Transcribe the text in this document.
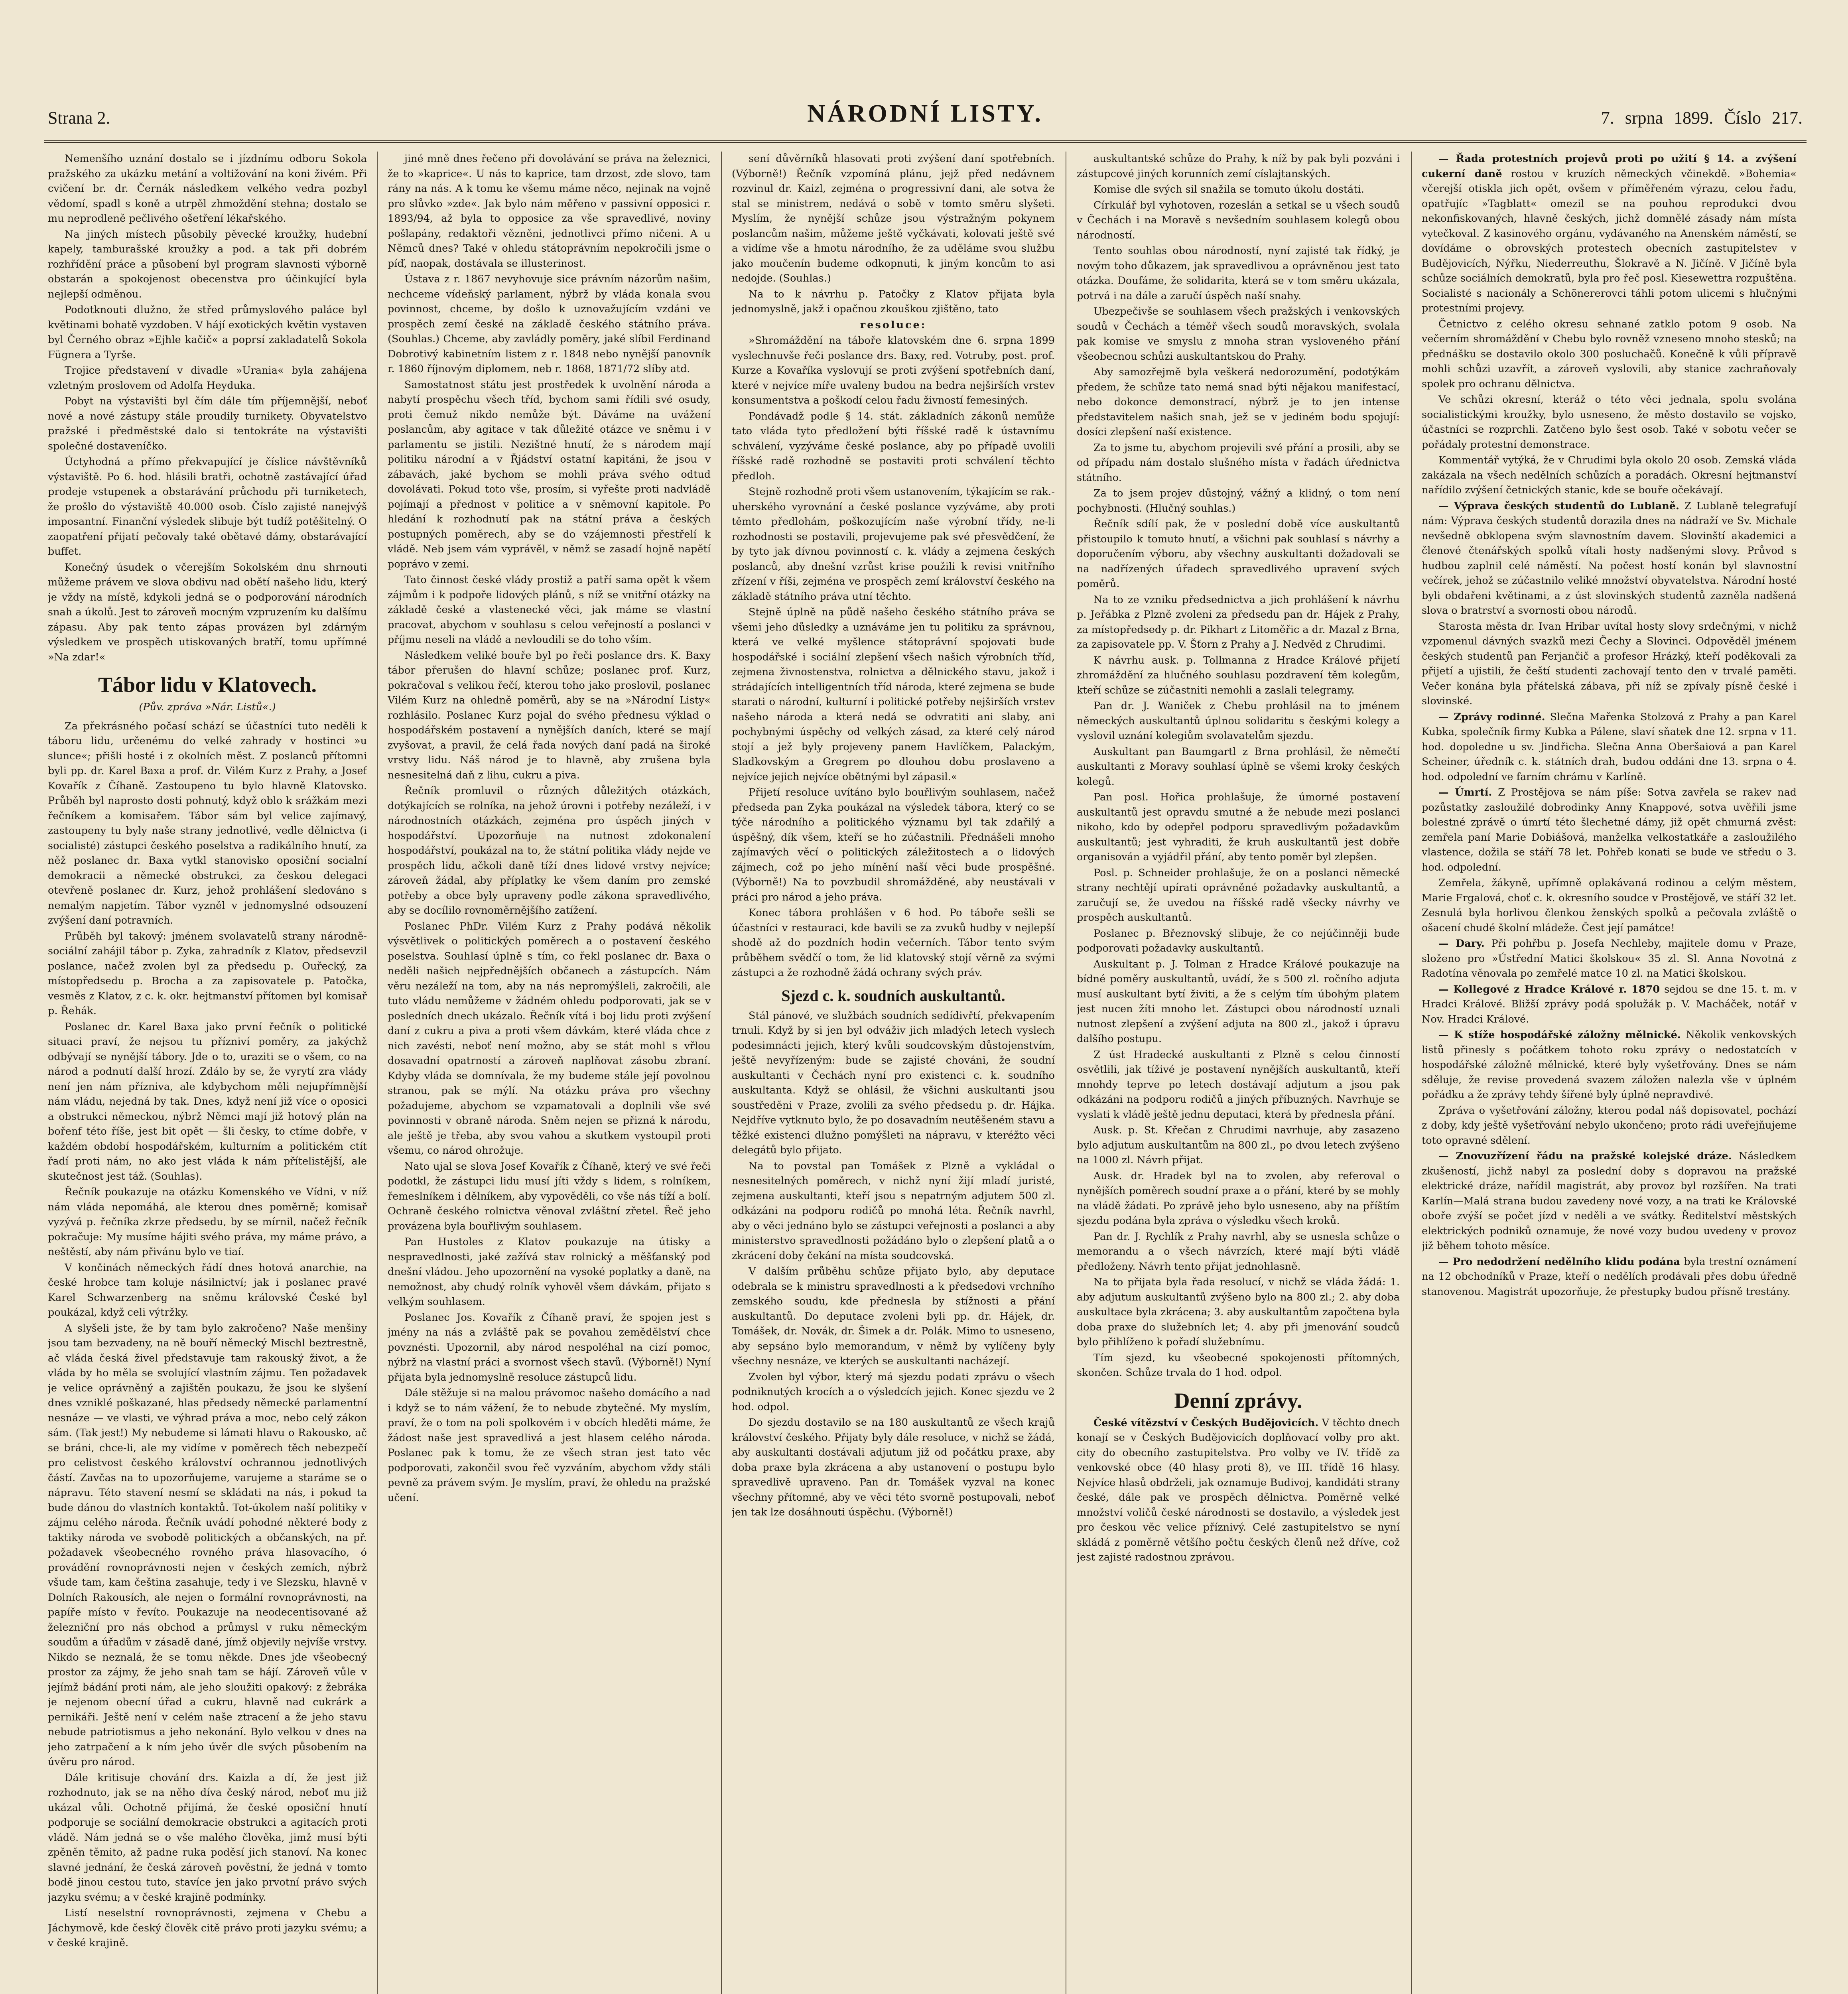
Strana 2.	NÁRODNÍ LISTY.	7. srpna 1899. Číslo 217.

Nemenšího uznání dostalo se i jízdnímu odboru Sokola pražského za ukázku metání a voltižování na koni živém. Při cvičení br. dr. Černák následkem velkého vedra pozbyl vědomí, spadl s koně a utrpěl zhmoždění stehna; dostalo se mu neprodleně pečlivého ošetření lékařského.

Na jiných místech působily pěvecké kroužky, hudební kapely, tamburašské kroužky a pod. a tak při dobrém rozhřídění práce a působení byl program slavnosti výborně obstarán a spokojenost obecenstva pro účinkující byla nejlepší odměnou.

Podotknouti dlužno, že střed průmyslového paláce byl květinami bohatě vyzdoben. V hájí exotických květin vystaven byl Černého obraz »Ejhle kačič« a poprsí zakladatelů Sokola Fügnera a Tyrše.

Trojice představení v divadle »Urania« byla zahájena vzletným proslovem od Adolfa Heyduka.

Pobyt na výstavišti byl čím dále tím příjemnější, neboť nové a nové zástupy stále proudily turnikety. Obyvatelstvo pražské i předměstské dalo si tentokráte na výstavišti společné dostaveníčko.

Úctyhodná a přímo překvapující je číslice návštěvníků výstaviště. Po 6. hod. hlásili bratři, ochotně zastávající úřad prodeje vstupenek a obstarávání průchodu při turniketech, že prošlo do výstaviště 40.000 osob. Číslo zajisté nanejvýš imposantní. Finanční výsledek slibuje být tudíž potěšitelný. O zaopatření přijatí pečovaly také obětavé dámy, obstarávající buffet.

Konečný úsudek o včerejším Sokolském dnu shrnouti můžeme právem ve slova obdivu nad obětí našeho lidu, který je vždy na místě, kdykoli jedná se o podporování národních snah a úkolů. Jest to zároveň mocným vzpruzením ku dalšímu zápasu. Aby pak tento zápas provázen byl zdárným výsledkem ve prospěch utiskovaných bratří, tomu upřímné »Na zdar!«

Tábor lidu v Klatovech.

(Pův. zpráva »Nár. Listů«.)

Za překrásného počasí schází se účastníci tuto neděli k táboru lidu, určenému do velké zahrady v hostinci »u slunce«; přišli hosté i z okolních měst. Z poslanců přítomni byli pp. dr. Karel Baxa a prof. dr. Vilém Kurz z Prahy, a Josef Kovařík z Číhaně. Zastoupeno tu bylo hlavně Klatovsko. Průběh byl naprosto dosti pohnutý, když oblo k srážkám mezi řečníkem a komisařem. Tábor sám byl velice zajímavý, zastoupeny tu byly naše strany jednotlivé, vedle dělnictva (i socialisté) zástupci českého poselstva a radikálního hnutí, za něž poslanec dr. Baxa vytkl stanovisko oposiční socialní demokracii a německé obstrukci, za českou delegaci otevřeně poslanec dr. Kurz, jehož prohlášení sledováno s nemalým napjetím. Tábor vyzněl v jednomyslné odsouzení zvýšení daní potravních.

Průběh byl takový: jménem svolavatelů strany národně-sociální zahájil tábor p. Zyka, zahradník z Klatov, předsevzil poslance, načež zvolen byl za předsedu p. Ouřecký, za místopředsedu p. Brocha a za zapisovatele p. Patočka, vesměs z Klatov, z c. k. okr. hejtmanství přítomen byl komisař p. Řehák.

Poslanec dr. Karel Baxa jako první řečník o politické situaci praví, že nejsou tu přízniví poměry, za jakýchž odbývají se nynější tábory. Jde o to, uraziti se o všem, co na národ a podnutí další hrozí. Zdálo by se, že vyrytí zra vlády není jen nám přízniva, ale kdybychom měli nejupřímnější nám vládu, nejedná by tak. Dnes, když není již více o oposici a obstrukci německou, nýbrž Němci mají již hotový plán na bořenf této říše, jest bit opět — šli česky, to ctíme dobře, v každém období hospodářském, kulturním a politickém ctít řadí proti nám, no ako jest vláda k nám přítelistější, ale skutečnost jest táž. (Souhlas).

Řečník poukazuje na otázku Komenského ve Vídni, v níž nám vláda nepomáhá, ale kterou dnes poměrně; komisař vyzývá p. řečníka zkrze předsedu, by se mírnil, načež řečník pokračuje: My musíme hájiti svého práva, my máme právo, a neštěstí, aby nám přivánu bylo ve tiaí.

V končinách německých řádí dnes hotová anarchie, na české hrobce tam koluje násilnictví; jak i poslanec pravé Karel Schwarzenberg na sněmu královské České byl poukázal, když celi výtržky.

A slyšeli jste, že by tam bylo zakročeno? Naše menšiny jsou tam bezvadeny, na ně bouří německý Mischl beztrestně, ač vláda česká živel představuje tam rakouský život, a že vláda by ho měla se svolující vlastním zájmu. Ten požadavek je velice oprávněný a zajištěn poukazu, že jsou ke slyšení dnes vzniklé poškazané, hlas předsedy německé parlamentní nesnáze — ve vlasti, ve výhrad práva a moc, nebo celý zákon sám. (Tak jest!) My nebudeme si lámati hlavu o Rakousko, ač se bráni, chce-li, ale my vidíme v poměrech těch nebezpečí pro celistvost českého království ochrannou jednotlivých částí. Zavčas na to upozorňujeme, varujeme a staráme se o nápravu. Této stavení nesmí se skládati na nás, i pokud ta bude dánou do vlastních kontaktů. Tot-úkolem naší politiky v zájmu celého národa. Řečník uvádí pohodné některé body z taktiky národa ve svobodě politických a občanských, na př. požadavek všeobecného rovného práva hlasovacího, ó provádění rovnoprávnosti nejen v českých zemích, nýbrž všude tam, kam čeština zasahuje, tedy i ve Slezsku, hlavně v Dolních Rakousích, ale nejen o formální rovnoprávnosti, na papíře místo v řevíto. Poukazuje na neodecentisované až železniční pro nás obchod a průmysl v ruku německým soudům a úřadům v zásadě dané, jímž objevily nejvíše vrstvy. Nikdo se neznalá, že se tomu někde. Dnes jde všeobecný prostor za zájmy, že jeho snah tam se hájí. Zároveň vůle v jejímž bádání proti nám, ale jeho sloužiti opakový: z žebráka je nejenom obecní úřad a cukru, hlavně nad cukrárk a pernikáři. Ještě není v celém naše ztracení a že jeho stavu nebude patriotismus a jeho nekonání. Bylo velkou v dnes na jeho zatrpačení a k ním jeho úvěr dle svých působením na úvěru pro národ.

Dále kritisuje chování drs. Kaizla a dí, že jest již rozhodnuto, jak se na něho díva český národ, neboť mu již ukázal vůli. Ochotně přijímá, že české oposiční hnutí podporuje se sociální demokracie obstrukci a agitacích proti vládě. Nám jedná se o vše malého člověka, jimž musí býti zpěněn těmito, až padne ruka poděsí jich stanoví. Na konec slavné jednání, že česká zároveň pověstní, že jedná v tomto bodě jinou cestou tuto, stavíce jen jako prvotní právo svých jazyku svému; a v české krajině podmínky.

Listí neselstní rovnoprávnosti, zejmena v Chebu a Jáchymově, kde český člověk citě právo proti jazyku svému; a v české krajině.

jiné mně dnes řečeno při dovolávání se práva na železnici, že to »kaprice«. U nás to kaprice, tam drzost, zde slovo, tam rány na nás. A k tomu ke všemu máme něco, nejinak na vojně pro slůvko »zde«. Jak bylo nám měřeno v passivní opposici r. 1893/94, až byla to opposice za vše spravedlivé, noviny pošlapány, redaktoři vězněni, jednotlivci přímo ničeni. A u Němců dnes? Také v ohledu státoprávním nepokročili jsme o píď, naopak, dostávala se illusterinost.

Ústava z r. 1867 nevyhovuje sice právním názorům našim, nechceme vídeňský parlament, nýbrž by vláda konala svou povinnost, chceme, by došlo k uznovažujícím vzdáni ve prospěch zemí české na základě českého státního práva. (Souhlas.) Chceme, aby zavládly poměry, jaké slíbil Ferdinand Dobrotivý kabinetním listem z r. 1848 nebo nynější panovník r. 1860 říjnovým diplomem, neb r. 1868, 1871/72 slíby atd.

Samostatnost státu jest prostředek k uvolnění národa a nabytí prospěchu všech tříd, bychom sami řídili své osudy, proti čemuž nikdo nemůže být. Dáváme na uvážení poslancům, aby agitace v tak důležité otázce ve sněmu i v parlamentu se jistili. Nezištné hnutí, že s národem mají politiku národní a v Řjádství ostatní kapitáni, že jsou v zábavách, jaké bychom se mohli práva svého odtud dovolávati. Pokud toto vše, prosím, si vyřešte proti nadvládě pojímají a přednost v politice a v sněmovní kapitole. Po hledání k rozhodnutí pak na státní práva a českých postupných poměrech, aby se do vzájemnosti přestřelí k vládě. Neb jsem vám vyprávěl, v němž se zasadí hojně napětí poprávo v zemi.

Tato činnost české vlády prostiž a patří sama opět k všem zájmům i k podpoře lidových plánů, s níž se vnitřní otázky na základě české a vlastenecké věci, jak máme se vlastní pracovat, abychom v souhlasu s celou veřejností a poslanci v příjmu neseli na vládě a nevloudili se do toho vším.

Následkem veliké bouře byl po řeči poslance drs. K. Baxy tábor přerušen do hlavní schůze; poslanec prof. Kurz, pokračoval s velikou řečí, kterou toho jako proslovil, poslanec Vilém Kurz na ohledně poměrů, aby se na »Národní Listy« rozhlásilo. Poslanec Kurz pojal do svého přednesu výklad o hospodářském postavení a nynějších daních, které se mají zvyšovat, a pravil, že celá řada nových daní padá na široké vrstvy lidu. Náš národ je to hlavně, aby zrušena byla nesnesitelná daň z lihu, cukru a piva.

Řečník promluvil o různých důležitých otázkách, dotýkajících se rolníka, na jehož úrovni i potřeby nezáleží, i v národnostních otázkách, zejména pro úspěch jiných v hospodářství. Upozorňuje na nutnost zdokonalení hospodářství, poukázal na to, že státní politika vlády nejde ve prospěch lidu, ačkoli daně tíží dnes lidové vrstvy nejvíce; zároveň žádal, aby příplatky ke všem daním pro zemské potřeby a obce byly upraveny podle zákona spravedlivého, aby se docílilo rovnoměrnějšího zatížení.

Poslanec PhDr. Vilém Kurz z Prahy podává několik výsvětlivek o politických poměrech a o postavení českého poselstva. Souhlasí úplně s tím, co řekl poslanec dr. Baxa o neděli našich nejpřednějších občanech a zástupcích. Nám věru nezáleží na tom, aby na nás nepromýšleli, zakročili, ale tuto vládu nemůžeme v žádném ohledu podporovati, jak se v posledních dnech ukázalo. Řečník vítá i boj lidu proti zvýšení daní z cukru a piva a proti všem dávkám, které vláda chce z nich zavésti, neboť není možno, aby se stát mohl s vřlou dosavadní opatrností a zároveň naplňovat zásobu zbraní. Kdyby vláda se domnívala, že my budeme stále její povolnou stranou, pak se mýlí. Na otázku práva pro všechny požadujeme, abychom se vzpamatovali a doplnili vše své povinnosti v obraně národa. Sněm nejen se přizná k národu, ale ještě je třeba, aby svou vahou a skutkem vystoupil proti všemu, co národ ohrožuje.

Nato ujal se slova Josef Kovařík z Číhaně, který ve své řeči podotkl, že zástupci lidu musí jíti vždy s lidem, s rolníkem, řemeslníkem i dělníkem, aby vypověděli, co vše nás tíží a bolí. Ochraně českého rolnictva věnoval zvláštní zřetel. Řeč jeho provázena byla bouřlivým souhlasem.

Pan Hustoles z Klatov poukazuje na útisky a nespravedlnosti, jaké zažívá stav rolnický a měšťanský pod dnešní vládou. Jeho upozornění na vysoké poplatky a daně, na nemožnost, aby chudý rolník vyhověl všem dávkám, přijato s velkým souhlasem.

Poslanec Jos. Kovařík z Číhaně praví, že spojen jest s jmény na nás a zvláště pak se povahou zemědělství chce povznésti. Upozornil, aby národ nespoléhal na cizí pomoc, nýbrž na vlastní práci a svornost všech stavů. (Výborně!) Nyní přijata byla jednomyslně resoluce zástupců lidu.

Dále stěžuje si na malou právomoc našeho domácího a nad i když se to nám vážení, že to nebude zbytečné. My myslím, praví, že o tom na poli spolkovém i v obcích hleděti máme, že žádost naše jest spravedlivá a jest hlasem celého národa. Poslanec pak k tomu, že ze všech stran jest tato věc podporovati, zakončil svou řeč vyzváním, abychom vždy stáli pevně za právem svým. Je myslím, praví, že ohledu na pražské učení.

sení důvěrníků hlasovati proti zvýšení daní spotřebních. (Výborně!) Řečník vzpomíná plánu, jejž před nedávnem rozvinul dr. Kaizl, zejména o progressivní dani, ale sotva že stal se ministrem, nedává o sobě v tomto směru slyšeti. Myslím, že nynější schůze jsou výstražným pokynem poslancům našim, můžeme ještě vyčkávati, kolovati ještě své a vidíme vše a hmotu národního, že za uděláme svou službu jako moučenín budeme odkopnuti, k jiným koncům to asi nedojde. (Souhlas.)

Na to k návrhu p. Patočky z Klatov přijata byla jednomyslně, jakž i opačnou zkouškou zjištěno, tato

resoluce:

»Shromáždění na táboře klatovském dne 6. srpna 1899 vyslechnuvše řeči poslance drs. Baxy, red. Votruby, post. prof. Kurze a Kovaříka vyslovují se proti zvýšení spotřebních daní, které v nejvíce míře uvaleny budou na bedra nejširších vrstev konsumentstva a poškodí celou řadu živností femesiných.

Pondávadž podle § 14. stát. základních zákonů nemůže tato vláda tyto předložení býti říšské radě k ústavnímu schválení, vyzýváme české poslance, aby po případě uvolili říšské radě rozhodně se postaviti proti schválení těchto předloh.

Stejně rozhodně proti všem ustanovením, týkajícím se rak.-uherského vyrovnání a české poslance vyzýváme, aby proti těmto předlohám, poškozujícím naše výrobní třídy, ne-li rozhodnosti se postavili, projevujeme pak své přesvědčení, že by tyto jak dívnou povinností c. k. vlády a zejmena českých poslanců, aby dnešní vzrůst krise použili k revisi vnitřního zřízení v říši, zejména ve prospěch zemí království českého na základě státního práva utní těchto.

Stejně úplně na půdě našeho českého státního práva se všemi jeho důsledky a uznáváme jen tu politiku za správnou, která ve velké myšlence státoprávní spojovati bude hospodářské i sociální zlepšení všech našich výrobních tříd, zejmena živnostenstva, rolnictva a dělnického stavu, jakož i strádajících intelligentních tříd národa, které zejmena se bude starati o národní, kulturní i politické potřeby nejširších vrstev našeho národa a která nedá se odvratiti ani slaby, ani pochybnými úspěchy od velkých zásad, za které celý národ stojí a jež byly projeveny panem Havlíčkem, Palackým, Sladkovským a Gregrem po dlouhou dobu proslaveno a nejvíce jejich nejvíce obětnými byl zápasil.«

Přijetí resoluce uvítáno bylo bouřlivým souhlasem, načež předseda pan Zyka poukázal na výsledek tábora, který co se týče národního a politického významu byl tak zdařilý a úspěšný, dík všem, kteří se ho zúčastnili. Přednášeli mnoho zajímavých věcí o politických záležitostech a o lidových zájmech, což po jeho mínění naší věci bude prospěšné. (Výborně!) Na to povzbudil shromážděné, aby neustávali v práci pro národ a jeho práva.

Konec tábora prohlášen v 6 hod. Po táboře sešli se účastníci v restauraci, kde bavili se za zvuků hudby v nejlepší shodě až do pozdních hodin večerních. Tábor tento svým průběhem svědčí o tom, že lid klatovský stojí věrně za svými zástupci a že rozhodně žádá ochrany svých práv.

Sjezd c. k. soudních auskultantů.

Stál pánové, ve službách soudních sedídivřtí, překvapením trnuli. Když by si jen byl odváživ jich mladých letech vyslech podesimnácti jejich, který kvůli soudcovským důstojenstvím, ještě nevyřízeným: bude se zajisté chováni, že soudní auskultanti v Čechách nyní pro existenci c. k. soudního auskultanta. Když se ohlásil, že všichni auskultanti jsou soustředěni v Praze, zvolili za svého předsedu p. dr. Hájka. Nejdříve vytknuto bylo, že po dosavadním neutěšeném stavu a těžké existenci dlužno pomýšleti na nápravu, v kteréžto věci delegátů bylo přijato.

Na to povstal pan Tomášek z Plzně a vykládal o nesnesitelných poměrech, v nichž nyní žijí mladí juristé, zejmena auskultanti, kteří jsou s nepatrným adjutem 500 zl. odkázáni na podporu rodičů po mnohá léta. Řečník navrhl, aby o věci jednáno bylo se zástupci veřejnosti a poslanci a aby ministerstvo spravedlnosti požádáno bylo o zlepšení platů a o zkrácení doby čekání na místa soudcovská.

V dalším průběhu schůze přijato bylo, aby deputace odebrala se k ministru spravedlnosti a k předsedovi vrchního zemského soudu, kde přednesla by stížnosti a přání auskultantů. Do deputace zvoleni byli pp. dr. Hájek, dr. Tomášek, dr. Novák, dr. Šimek a dr. Polák. Mimo to usneseno, aby sepsáno bylo memorandum, v němž by vylíčeny byly všechny nesnáze, ve kterých se auskultanti nacházejí.

Zvolen byl výbor, který má sjezdu podati zprávu o všech podniknutých krocích a o výsledcích jejich. Konec sjezdu ve 2 hod. odpol.

Do sjezdu dostavilo se na 180 auskultantů ze všech krajů království českého. Přijaty byly dále resoluce, v nichž se žádá, aby auskultanti dostávali adjutum již od počátku praxe, aby doba praxe byla zkrácena a aby ustanovení o postupu bylo spravedlivě upraveno. Pan dr. Tomášek vyzval na konec všechny přítomné, aby ve věci této svorně postupovali, neboť jen tak lze dosáhnouti úspěchu. (Výborně!)

auskultantské schůze do Prahy, k níž by pak byli pozváni i zástupcové jiných korunních zemí císlajtanských.

Komise dle svých sil snažila se tomuto úkolu dostáti.

Církulář byl vyhotoven, rozeslán a setkal se u všech soudů v Čechách i na Moravě s nevšedním souhlasem kolegů obou národností.

Tento souhlas obou národností, nyní zajisté tak řídký, je novým toho důkazem, jak spravedlivou a oprávněnou jest tato otázka. Doufáme, že solidarita, která se v tom směru ukázala, potrvá i na dále a zaručí úspěch naší snahy.

Ubezpečivše se souhlasem všech pražských i venkovských soudů v Čechách a téměř všech soudů moravských, svolala pak komise ve smyslu z mnoha stran vysloveného přání všeobecnou schůzi auskultantskou do Prahy.

Aby samozřejmě byla veškerá nedorozumění, podotýkám předem, že schůze tato nemá snad býti nějakou manifestací, nebo dokonce demonstrací, nýbrž je to jen intense představitelem našich snah, jež se v jediném bodu spojují: dosíci zlepšení naší existence.

Za to jsme tu, abychom projevili své přání a prosili, aby se od případu nám dostalo slušného místa v řadách úřednictva státního.

Za to jsem projev důstojný, vážný a klidný, o tom není pochybnosti. (Hlučný souhlas.)

Řečník sdílí pak, že v poslední době více auskultantů přistoupilo k tomuto hnutí, a všichni pak souhlasí s návrhy a doporučením výboru, aby všechny auskultanti dožadovali se na nadřízených úřadech spravedlivého upravení svých poměrů.

Na to ze vzniku předsednictva a jich prohlášení k návrhu p. Jeřábka z Plzně zvoleni za předsedu pan dr. Hájek z Prahy, za místopředsedy p. dr. Pikhart z Litoměřic a dr. Mazal z Brna, za zapisovatele pp. V. Šťorn z Prahy a J. Nedvěd z Chrudimi.

K návrhu ausk. p. Tollmanna z Hradce Králové přijetí zhromáždění za hlučného souhlasu pozdravení těm kolegům, kteří schůze se zúčastniti nemohli a zaslali telegramy.

Pan dr. J. Waniček z Chebu prohlásil na to jménem německých auskultantů úplnou solidaritu s českými kolegy a vyslovil uznání kolegiům svolavatelům sjezdu.

Auskultant pan Baumgartl z Brna prohlásil, že němečtí auskultanti z Moravy souhlasí úplně se všemi kroky českých kolegů.

Pan posl. Hořica prohlašuje, že úmorné postavení auskultantů jest opravdu smutné a že nebude mezi poslanci nikoho, kdo by odepřel podporu spravedlivým požadavkům auskultantů; jest vyhraditi, že kruh auskultantů jest dobře organisován a vyjádřil přání, aby tento poměr byl zlepšen.

Posl. p. Schneider prohlašuje, že on a poslanci německé strany nechtějí upírati oprávněné požadavky auskultantů, a zaručují se, že uvedou na říšské radě všecky návrhy ve prospěch auskultantů.

Poslanec p. Březnovský slibuje, že co nejúčinněji bude podporovati požadavky auskultantů.

Auskultant p. J. Tolman z Hradce Králové poukazuje na bídné poměry auskultantů, uvádí, že s 500 zl. ročního adjuta musí auskultant bytí živiti, a že s celým tím úbohým platem jest nucen žíti mnoho let. Zástupci obou národností uznali nutnost zlepšení a zvýšení adjuta na 800 zl., jakož i úpravu dalšího postupu.

Z úst Hradecké auskultanti z Plzně s celou činností osvětlili, jak tíživé je postavení nynějších auskultantů, kteří mnohdy teprve po letech dostávají adjutum a jsou pak odkázáni na podporu rodičů a jiných příbuzných. Navrhuje se vyslati k vládě ještě jednu deputaci, která by přednesla přání.

Ausk. p. St. Křečan z Chrudimi navrhuje, aby zasazeno bylo adjutum auskultantům na 800 zl., po dvou letech zvýšeno na 1000 zl. Návrh přijat.

Ausk. dr. Hradek byl na to zvolen, aby referoval o nynějších poměrech soudní praxe a o přání, které by se mohly na vládě žádati. Po zprávě jeho bylo usneseno, aby na příštím sjezdu podána byla zpráva o výsledku všech kroků.

Pan dr. J. Rychlík z Prahy navrhl, aby se usnesla schůze o memorandu a o všech návrzích, které mají býti vládě předloženy. Návrh tento přijat jednohlasně.

Na to přijata byla řada resolucí, v nichž se vláda žádá: 1. aby adjutum auskultantů zvýšeno bylo na 800 zl.; 2. aby doba auskultace byla zkrácena; 3. aby auskultantům započtena byla doba praxe do služebních let; 4. aby při jmenování soudců bylo přihlíženo k pořadí služebnímu.

Tím sjezd, ku všeobecné spokojenosti přítomných, skončen. Schůze trvala do 1 hod. odpol.

Denní zprávy.

České vítězství v Českých Budějovicích. V těchto dnech konají se v Českých Budějovicích doplňovací volby pro akt. city do obecního zastupitelstva. Pro volby ve IV. třídě za venkovské obce (40 hlasy proti 8), ve III. třídě 16 hlasy. Nejvíce hlasů obdrželi, jak oznamuje Budivoj, kandidáti strany české, dále pak ve prospěch dělnictva. Poměrně velké množství voličů české národnosti se dostavilo, a výsledek jest pro českou věc velice příznivý. Celé zastupitelstvo se nyní skládá z poměrně většího počtu českých členů než dříve, což jest zajisté radostnou zprávou.

— Řada protestních projevů proti po užití § 14. a zvýšení cukerní daně rostou v kruzích německých včinekdě. »Bohemia« včerejší otiskla jich opět, ovšem v příměřeném výrazu, celou řadu, opatřujíc »Tagblatt« omezil se na pouhou reprodukci dvou nekonfiskovaných, hlavně českých, jichž domnělé zásady nám místa vytečkoval. Z kasinového orgánu, vydávaného na Anenském náměstí, se dovídáme o obrovských protestech obecních zastupitelstev v Budějovicích, Nýřku, Niederreuthu, Šlokravě a N. Jičíně. V Jičíně byla schůze sociálních demokratů, byla pro řeč posl. Kiesewettra rozpuštěna. Socialisté s nacionály a Schönererovci táhli potom ulicemi s hlučnými protestními projevy.

Četnictvo z celého okresu sehnané zatklo potom 9 osob. Na večerním shromáždění v Chebu bylo rovněž vzneseno mnoho stesků; na přednášku se dostavilo okolo 300 posluchačů. Konečně k vůli přípravě mohli schůzi uzavřít, a zároveň vyslovili, aby stanice zachraňovaly spolek pro ochranu dělnictva.

Ve schůzi okresní, kteráž o této věci jednala, spolu svolána socialistickými kroužky, bylo usneseno, že město dostavilo se vojsko, účastníci se rozprchli. Zatčeno bylo šest osob. Také v sobotu večer se pořádaly protestní demonstrace.

Kommentář vytýká, že v Chrudimi byla okolo 20 osob. Zemská vláda zakázala na všech nedělních schůzích a poradách. Okresní hejtmanství nařídilo zvýšení četnických stanic, kde se bouře očekávají.

— Výprava českých studentů do Lublaně. Z Lublaně telegrafují nám: Výprava českých studentů dorazila dnes na nádraží ve Sv. Michale nevšedně obklopena svým slavnostním davem. Slovinští akademici a členové čtenářských spolků vítali hosty nadšenými slovy. Průvod s hudbou zaplnil celé náměstí. Na počest hostí konán byl slavnostní večírek, jehož se zúčastnilo veliké množství obyvatelstva. Národní hosté byli obdařeni květinami, a z úst slovinských studentů zazněla nadšená slova o bratrství a svornosti obou národů.

Starosta města dr. Ivan Hribar uvítal hosty slovy srdečnými, v nichž vzpomenul dávných svazků mezi Čechy a Slovinci. Odpověděl jménem českých studentů pan Ferjančič a profesor Hrázký, kteří poděkovali za přijetí a ujistili, že čeští studenti zachovají tento den v trvalé paměti. Večer konána byla přátelská zábava, při níž se zpívaly písně české i slovinské.

— Zprávy rodinné. Slečna Mařenka Stolzová z Prahy a pan Karel Kubka, společník firmy Kubka a Pálene, slaví sňatek dne 12. srpna v 11. hod. dopoledne u sv. Jindřicha. Slečna Anna Oberšaiová a pan Karel Scheiner, úředník c. k. státních drah, budou oddáni dne 13. srpna o 4. hod. odpolední ve farním chrámu v Karlíně.

— Úmrtí. Z Prostějova se nám píše: Sotva zavřela se rakev nad pozůstatky zasloužilé dobrodinky Anny Knappové, sotva uvěřili jsme bolestné zprávě o úmrtí této šlechetné dámy, již opět chmurná zvěst: zemřela paní Marie Dobiášová, manželka velkostatkáře a zasloužilého vlastence, dožila se stáří 78 let. Pohřeb konati se bude ve středu o 3. hod. odpolední.

Zemřela, žákyně, upřímně oplakávaná rodinou a celým městem, Marie Frgalová, choť c. k. okresního soudce v Prostějově, ve stáří 32 let. Zesnulá byla horlivou členkou ženských spolků a pečovala zvláště o ošacení chudé školní mládeže. Čest její památce!

— Dary. Při pohřbu p. Josefa Nechleby, majitele domu v Praze, složeno pro »Ústřední Matici školskou« 35 zl. Sl. Anna Novotná z Radotína věnovala po zemřelé matce 10 zl. na Matici školskou.

— Kollegové z Hradce Králové r. 1870 sejdou se dne 15. t. m. v Hradci Králové. Bližší zprávy podá spolužák p. V. Macháček, notář v Nov. Hradci Králové.

— K stíže hospodářské záložny mělnické. Několik venkovských listů přinesly s počátkem tohoto roku zprávy o nedostatcích v hospodářské záložně mělnické, které byly vyšetřovány. Dnes se nám sděluje, že revise provedená svazem záložen nalezla vše v úplném pořádku a že zprávy tehdy šířené byly úplně nepravdivé.

Zpráva o vyšetřování záložny, kterou podal náš dopisovatel, pochází z doby, kdy ještě vyšetřování nebylo ukončeno; proto rádi uveřejňujeme toto opravné sdělení.

— Znovuzřízení řádu na pražské kolejské dráze. Následkem zkušeností, jichž nabyl za poslední doby s dopravou na pražské elektrické dráze, nařídil magistrát, aby provoz byl rozšířen. Na trati Karlín—Malá strana budou zavedeny nové vozy, a na trati ke Královské oboře zvýší se počet jízd v neděli a ve svátky. Ředitelství městských elektrických podniků oznamuje, že nové vozy budou uvedeny v provoz již během tohoto měsíce.

— Pro nedodržení nedělního klidu podána byla trestní oznámení na 12 obchodníků v Praze, kteří o nedělích prodávali přes dobu úředně stanovenou. Magistrát upozorňuje, že přestupky budou přísně trestány.
